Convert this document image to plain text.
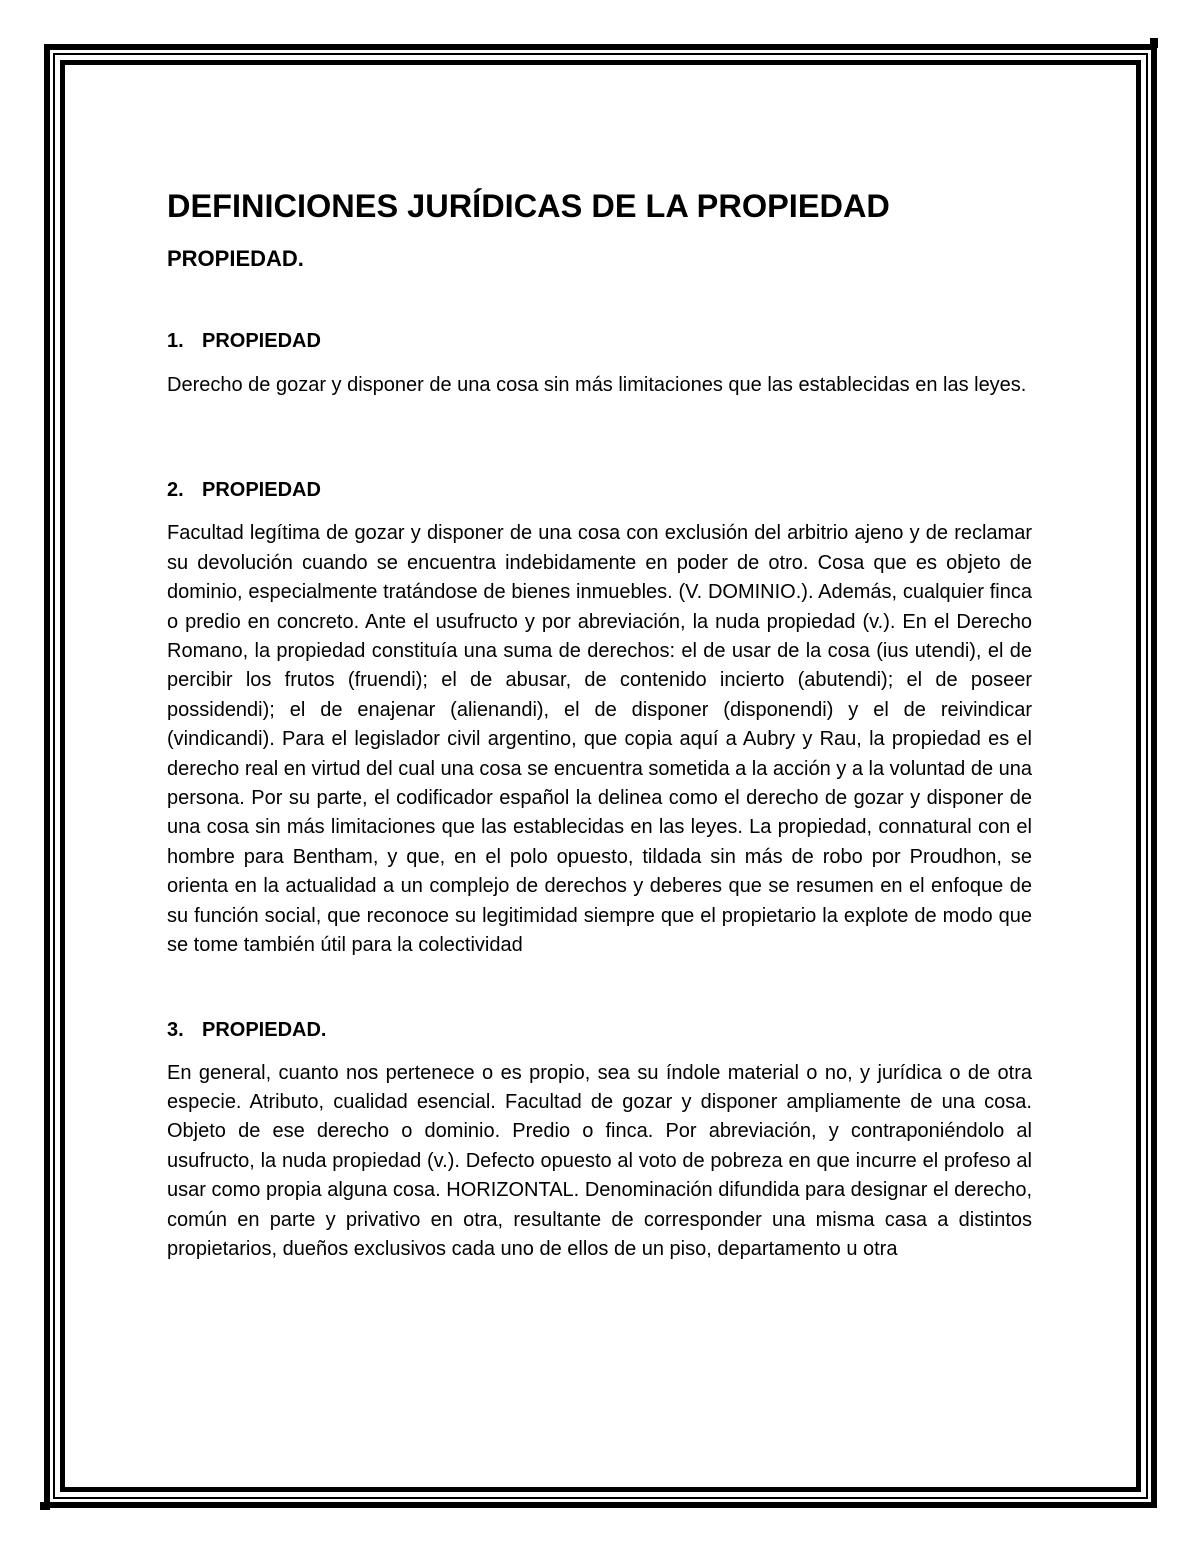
DEFINICIONES JURÍDICAS DE LA PROPIEDAD
PROPIEDAD.
1. PROPIEDAD

Derecho de gozar y disponer de una cosa sin más limitaciones que las establecidas en las leyes.

2. PROPIEDAD

Facultad legítima de gozar y disponer de una cosa con exclusión del arbitrio ajeno y de reclamar su devolución cuando se encuentra indebidamente en poder de otro. Cosa que es objeto de dominio, especialmente tratándose de bienes inmuebles. (V. DOMINIO.). Además, cualquier finca o predio en concreto. Ante el usufructo y por abreviación, la nuda propiedad (v.). En el Derecho Romano, la propiedad constituía una suma de derechos: el de usar de la cosa (ius utendi), el de percibir los frutos (fruendi); el de abusar, de contenido incierto (abutendi); el de poseer possidendi); el de enajenar (alienandi), el de disponer (disponendi) y el de reivindicar (vindicandi). Para el legislador civil argentino, que copia aquí a Aubry y Rau, la propiedad es el derecho real en virtud del cual una cosa se encuentra sometida a la acción y a la voluntad de una persona. Por su parte, el codificador español la delinea como el derecho de gozar y disponer de una cosa sin más limitaciones que las establecidas en las leyes. La propiedad, connatural con el hombre para Bentham, y que, en el polo opuesto, tildada sin más de robo por Proudhon, se orienta en la actualidad a un complejo de derechos y deberes que se resumen en el enfoque de su función social, que reconoce su legitimidad siempre que el propietario la explote de modo que se tome también útil para la colectividad

3. PROPIEDAD.

En general, cuanto nos pertenece o es propio, sea su índole material o no, y jurídica o de otra especie. Atributo, cualidad esencial. Facultad de gozar y disponer ampliamente de una cosa. Objeto de ese derecho o dominio. Predio o finca. Por abreviación, y contraponiéndolo al usufructo, la nuda propiedad (v.). Defecto opuesto al voto de pobreza en que incurre el profeso al usar como propia alguna cosa. HORIZONTAL. Denominación difundida para designar el derecho, común en parte y privativo en otra, resultante de corresponder una misma casa a distintos propietarios, dueños exclusivos cada uno de ellos de un piso, departamento u otra
